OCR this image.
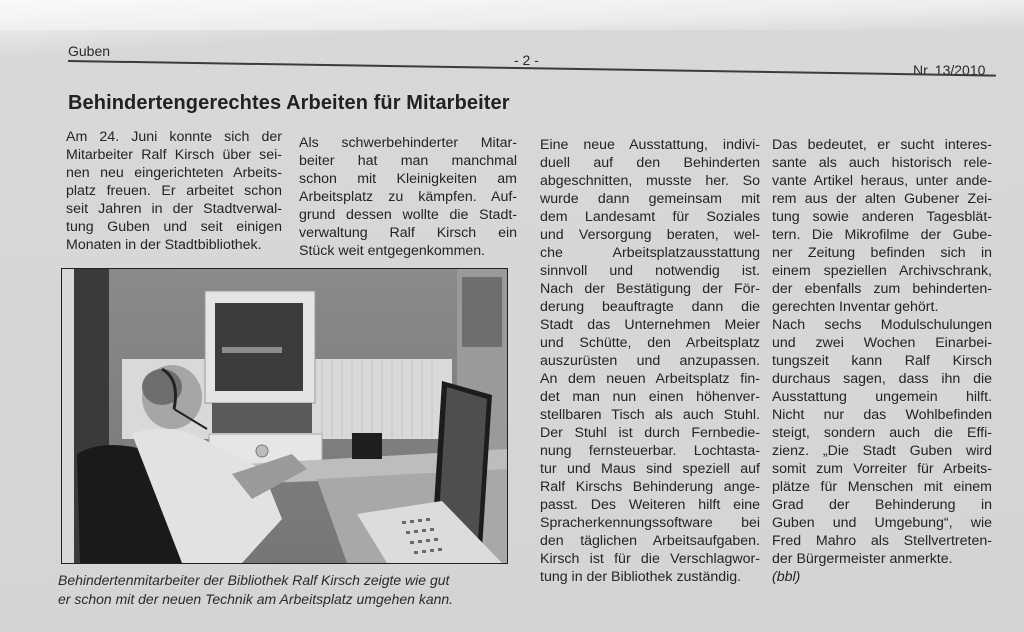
Guben
- 2 -
Nr. 13/2010
Behindertengerechtes Arbeiten für Mitarbeiter
Am 24. Juni konnte sich der
Mitarbeiter Ralf Kirsch über sei-
nen neu eingerichteten Arbeits-
platz freuen. Er arbeitet schon
seit Jahren in der Stadtverwal-
tung Guben und seit einigen
Monaten in der Stadtbibliothek.
Als schwerbehinderter Mitar-
beiter hat man manchmal
schon mit Kleinigkeiten am
Arbeitsplatz zu kämpfen. Auf-
grund dessen wollte die Stadt-
verwaltung Ralf Kirsch ein
Stück weit entgegenkommen.
Behindertenmitarbeiter der Bibliothek Ralf Kirsch zeigte wie gut
er schon mit der neuen Technik am Arbeitsplatz umgehen kann.
Eine neue Ausstattung, indivi-
duell auf den Behinderten
abgeschnitten, musste her. So
wurde dann gemeinsam mit
dem Landesamt für Soziales
und Versorgung beraten, wel-
che Arbeitsplatzausstattung
sinnvoll und notwendig ist.
Nach der Bestätigung der För-
derung beauftragte dann die
Stadt das Unternehmen Meier
und Schütte, den Arbeitsplatz
auszurüsten und anzupassen.
An dem neuen Arbeitsplatz fin-
det man nun einen höhenver-
stellbaren Tisch als auch Stuhl.
Der Stuhl ist durch Fernbedie-
nung fernsteuerbar. Lochtasta-
tur und Maus sind speziell auf
Ralf Kirschs Behinderung ange-
passt. Des Weiteren hilft eine
Spracherkennungssoftware bei
den täglichen Arbeitsaufgaben.
Kirsch ist für die Verschlagwor-
tung in der Bibliothek zuständig.
Das bedeutet, er sucht interes-
sante als auch historisch rele-
vante Artikel heraus, unter ande-
rem aus der alten Gubener Zei-
tung sowie anderen Tagesblät-
tern. Die Mikrofilme der Gube-
ner Zeitung befinden sich in
einem speziellen Archivschrank,
der ebenfalls zum behinderten-
gerechten Inventar gehört.
Nach sechs Modulschulungen
und zwei Wochen Einarbei-
tungszeit kann Ralf Kirsch
durchaus sagen, dass ihn die
Ausstattung ungemein hilft.
Nicht nur das Wohlbefinden
steigt, sondern auch die Effi-
zienz. „Die Stadt Guben wird
somit zum Vorreiter für Arbeits-
plätze für Menschen mit einem
Grad der Behinderung in
Guben und Umgebung“, wie
Fred Mahro als Stellvertreten-
der Bürgermeister anmerkte.
(bbl)
